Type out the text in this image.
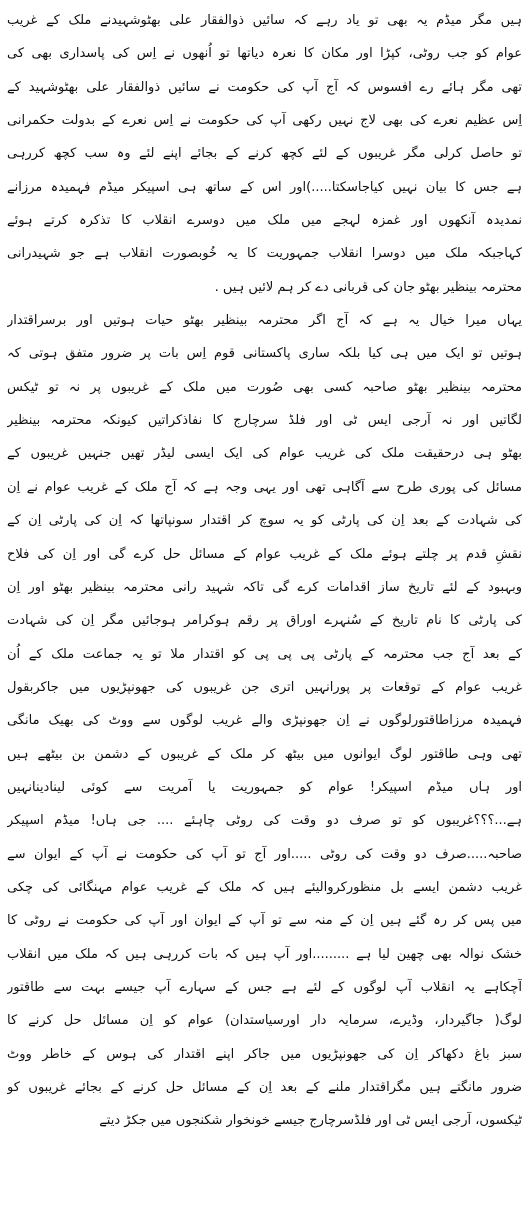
ہیں مگر میڈم یہ بھی تو یاد رہے کہ سائیں ذوالفقار علی بھٹوشہیدنے ملک کے غریب
عوام کو جب روٹی، کپڑا اور مکان کا نعرہ دیاتھا تو اُنھوں نے اِس کی پاسداری بھی کی
تھی مگر ہائے رے افسوس کہ آج آپ کی حکومت نے سائیں ذوالفقار علی بھٹوشہید کے
اِس عظیم نعرے کی بھی لاج نہیں رکھی آپ کی حکومت نے اِس نعرے کے بدولت حکمرانی
تو حاصل کرلی مگر غریبوں کے لئے کچھ کرنے کے بجائے اپنے لئے وہ سب کچھ کررہی
ہے جس کا بیان نہیں کیاجاسکتا.....)اور اس کے ساتھ ہی اسپیکر میڈم فہمیدہ مرزانے
نمدیدہ آنکھوں اور غمزہ لہجے میں ملک میں دوسرے انقلاب کا تذکرہ کرتے ہوئے
کہاجبکہ ملک میں دوسرا انقلاب جمہوریت کا یہ خُوبصورت انقلاب ہے جو شہیدرانی
محترمہ بینظیر بھٹو جان کی قربانی دے کر ہم لائیں ہیں .
یہاں میرا خیال یہ ہے کہ آج اگر محترمہ بینظیر بھٹو حیات ہوتیں اور برسراقتدار
ہوتیں تو ایک میں ہی کیا بلکہ ساری پاکستانی قوم اِس بات پر ضرور متفق ہوتی کہ
محترمہ بینظیر بھٹو صاحبہ کسی بھی صُورت میں ملک کے غریبوں پر نہ تو ٹیکس
لگاتیں اور نہ آرجی ایس ٹی اور فلڈ سرچارج کا نفاذکراتیں کیونکہ محترمہ بینظیر
بھٹو ہی درحقیقت ملک کی غریب عوام کی ایک ایسی لیڈر تھیں جنہیں غریبوں کے
مسائل کی پوری طرح سے آگاہی تھی اور یہی وجہ ہے کہ آج ملک کے غریب عوام نے اِن
کی شہادت کے بعد اِن کی پارٹی کو یہ سوچ کر اقتدار سونپاتھا کہ اِن کی پارٹی اِن کے
نقشِ قدم پر چلتے ہوئے ملک کے غریب عوام کے مسائل حل کرے گی اور اِن کی فلاح
وبہبود کے لئے تاریخ ساز اقدامات کرے گی تاکہ شہید رانی محترمہ بینظیر بھٹو اور اِن
کی پارٹی کا نام تاریخ کے سُنہرے اوراق پر رقم ہوکرامر ہوجائیں مگر اِن کی شہادت
کے بعد آج جب محترمہ کے پارٹی پی پی پی کو اقتدار ملا تو یہ جماعت ملک کے اُن
غریب عوام کے توقعات پر پورانہیں اتری جن غریبوں کی جھونپڑیوں میں جاکربقول
فہمیدہ مرزاطاقتورلوگوں نے اِن جھونپڑی والے غریب لوگوں سے ووٹ کی بھیک مانگی
تھی وہی طاقتور لوگ ایوانوں میں بیٹھ کر ملک کے غریبوں کے دشمن بن بیٹھے ہیں
اور ہاں میڈم اسپیکر! عوام کو جمہوریت یا آمریت سے کوئی لینادینانہیں
ہے...؟؟؟غریبوں کو تو صرف دو وقت کی روٹی چاہئے .... جی ہاں! میڈم اسپیکر
صاحبہ.....صرف دو وقت کی روٹی .....اور آج تو آپ کی حکومت نے آپ کے ایوان سے
غریب دشمن ایسے بل منظورکروالیئے ہیں کہ ملک کے غریب عوام مہنگائی کی چکی
میں پس کر رہ گئے ہیں اِن کے منہ سے تو آپ کے ایوان اور آپ کی حکومت نے روٹی کا
خشک نوالہ بھی چھین لیا ہے .........اور آپ ہیں کہ بات کررہی ہیں کہ ملک میں انقلاب
آچکاہے یہ انقلاب آپ لوگوں کے لئے ہے جس کے سہارے آپ جیسے بہت سے طاقتور
لوگ( جاگیردار، وڈیرے، سرمایہ دار اورسیاستدان) عوام کو اِن مسائل حل کرنے کا
سبز باغ دکھاکر اِن کی جھونپڑیوں میں جاکر اپنے اقتدار کی ہوس کے خاطر ووٹ
ضرور مانگتے ہیں مگراقتدار ملنے کے بعد اِن کے مسائل حل کرنے کے بجائے غریبوں کو
ٹیکسوں، آرجی ایس ٹی اور فلڈسرچارج جیسے خونخوار شکنجوں میں جکڑ دیتے
